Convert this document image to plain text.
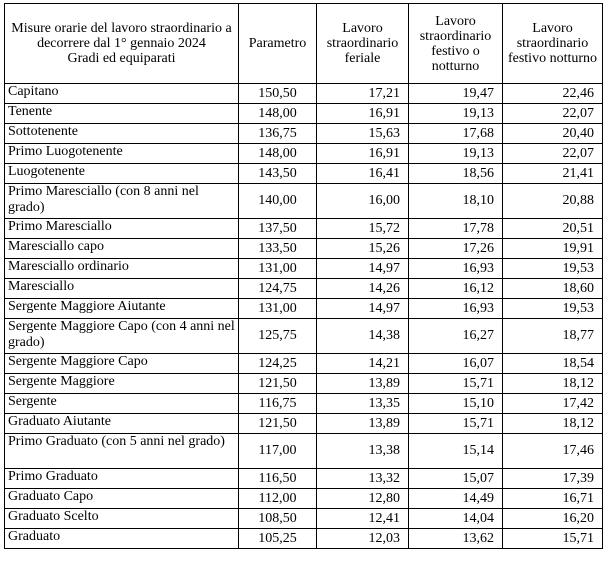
Misure orarie del lavoro straordinario a decorrere dal 1° gennaio 2024
Gradi ed equiparati	Parametro	Lavoro straordinario feriale	Lavoro straordinario festivo o notturno	Lavoro straordinario festivo notturno
Capitano	150,50	17,21	19,47	22,46
Tenente	148,00	16,91	19,13	22,07
Sottotenente	136,75	15,63	17,68	20,40
Primo Luogotenente	148,00	16,91	19,13	22,07
Luogotenente	143,50	16,41	18,56	21,41
Primo Maresciallo (con 8 anni nel grado)	140,00	16,00	18,10	20,88
Primo Maresciallo	137,50	15,72	17,78	20,51
Maresciallo capo	133,50	15,26	17,26	19,91
Maresciallo ordinario	131,00	14,97	16,93	19,53
Maresciallo	124,75	14,26	16,12	18,60
Sergente Maggiore Aiutante	131,00	14,97	16,93	19,53
Sergente Maggiore Capo (con 4 anni nel grado)	125,75	14,38	16,27	18,77
Sergente Maggiore Capo	124,25	14,21	16,07	18,54
Sergente Maggiore	121,50	13,89	15,71	18,12
Sergente	116,75	13,35	15,10	17,42
Graduato Aiutante	121,50	13,89	15,71	18,12
Primo Graduato (con 5 anni nel grado)	117,00	13,38	15,14	17,46
Primo Graduato	116,50	13,32	15,07	17,39
Graduato Capo	112,00	12,80	14,49	16,71
Graduato Scelto	108,50	12,41	14,04	16,20
Graduato	105,25	12,03	13,62	15,71
